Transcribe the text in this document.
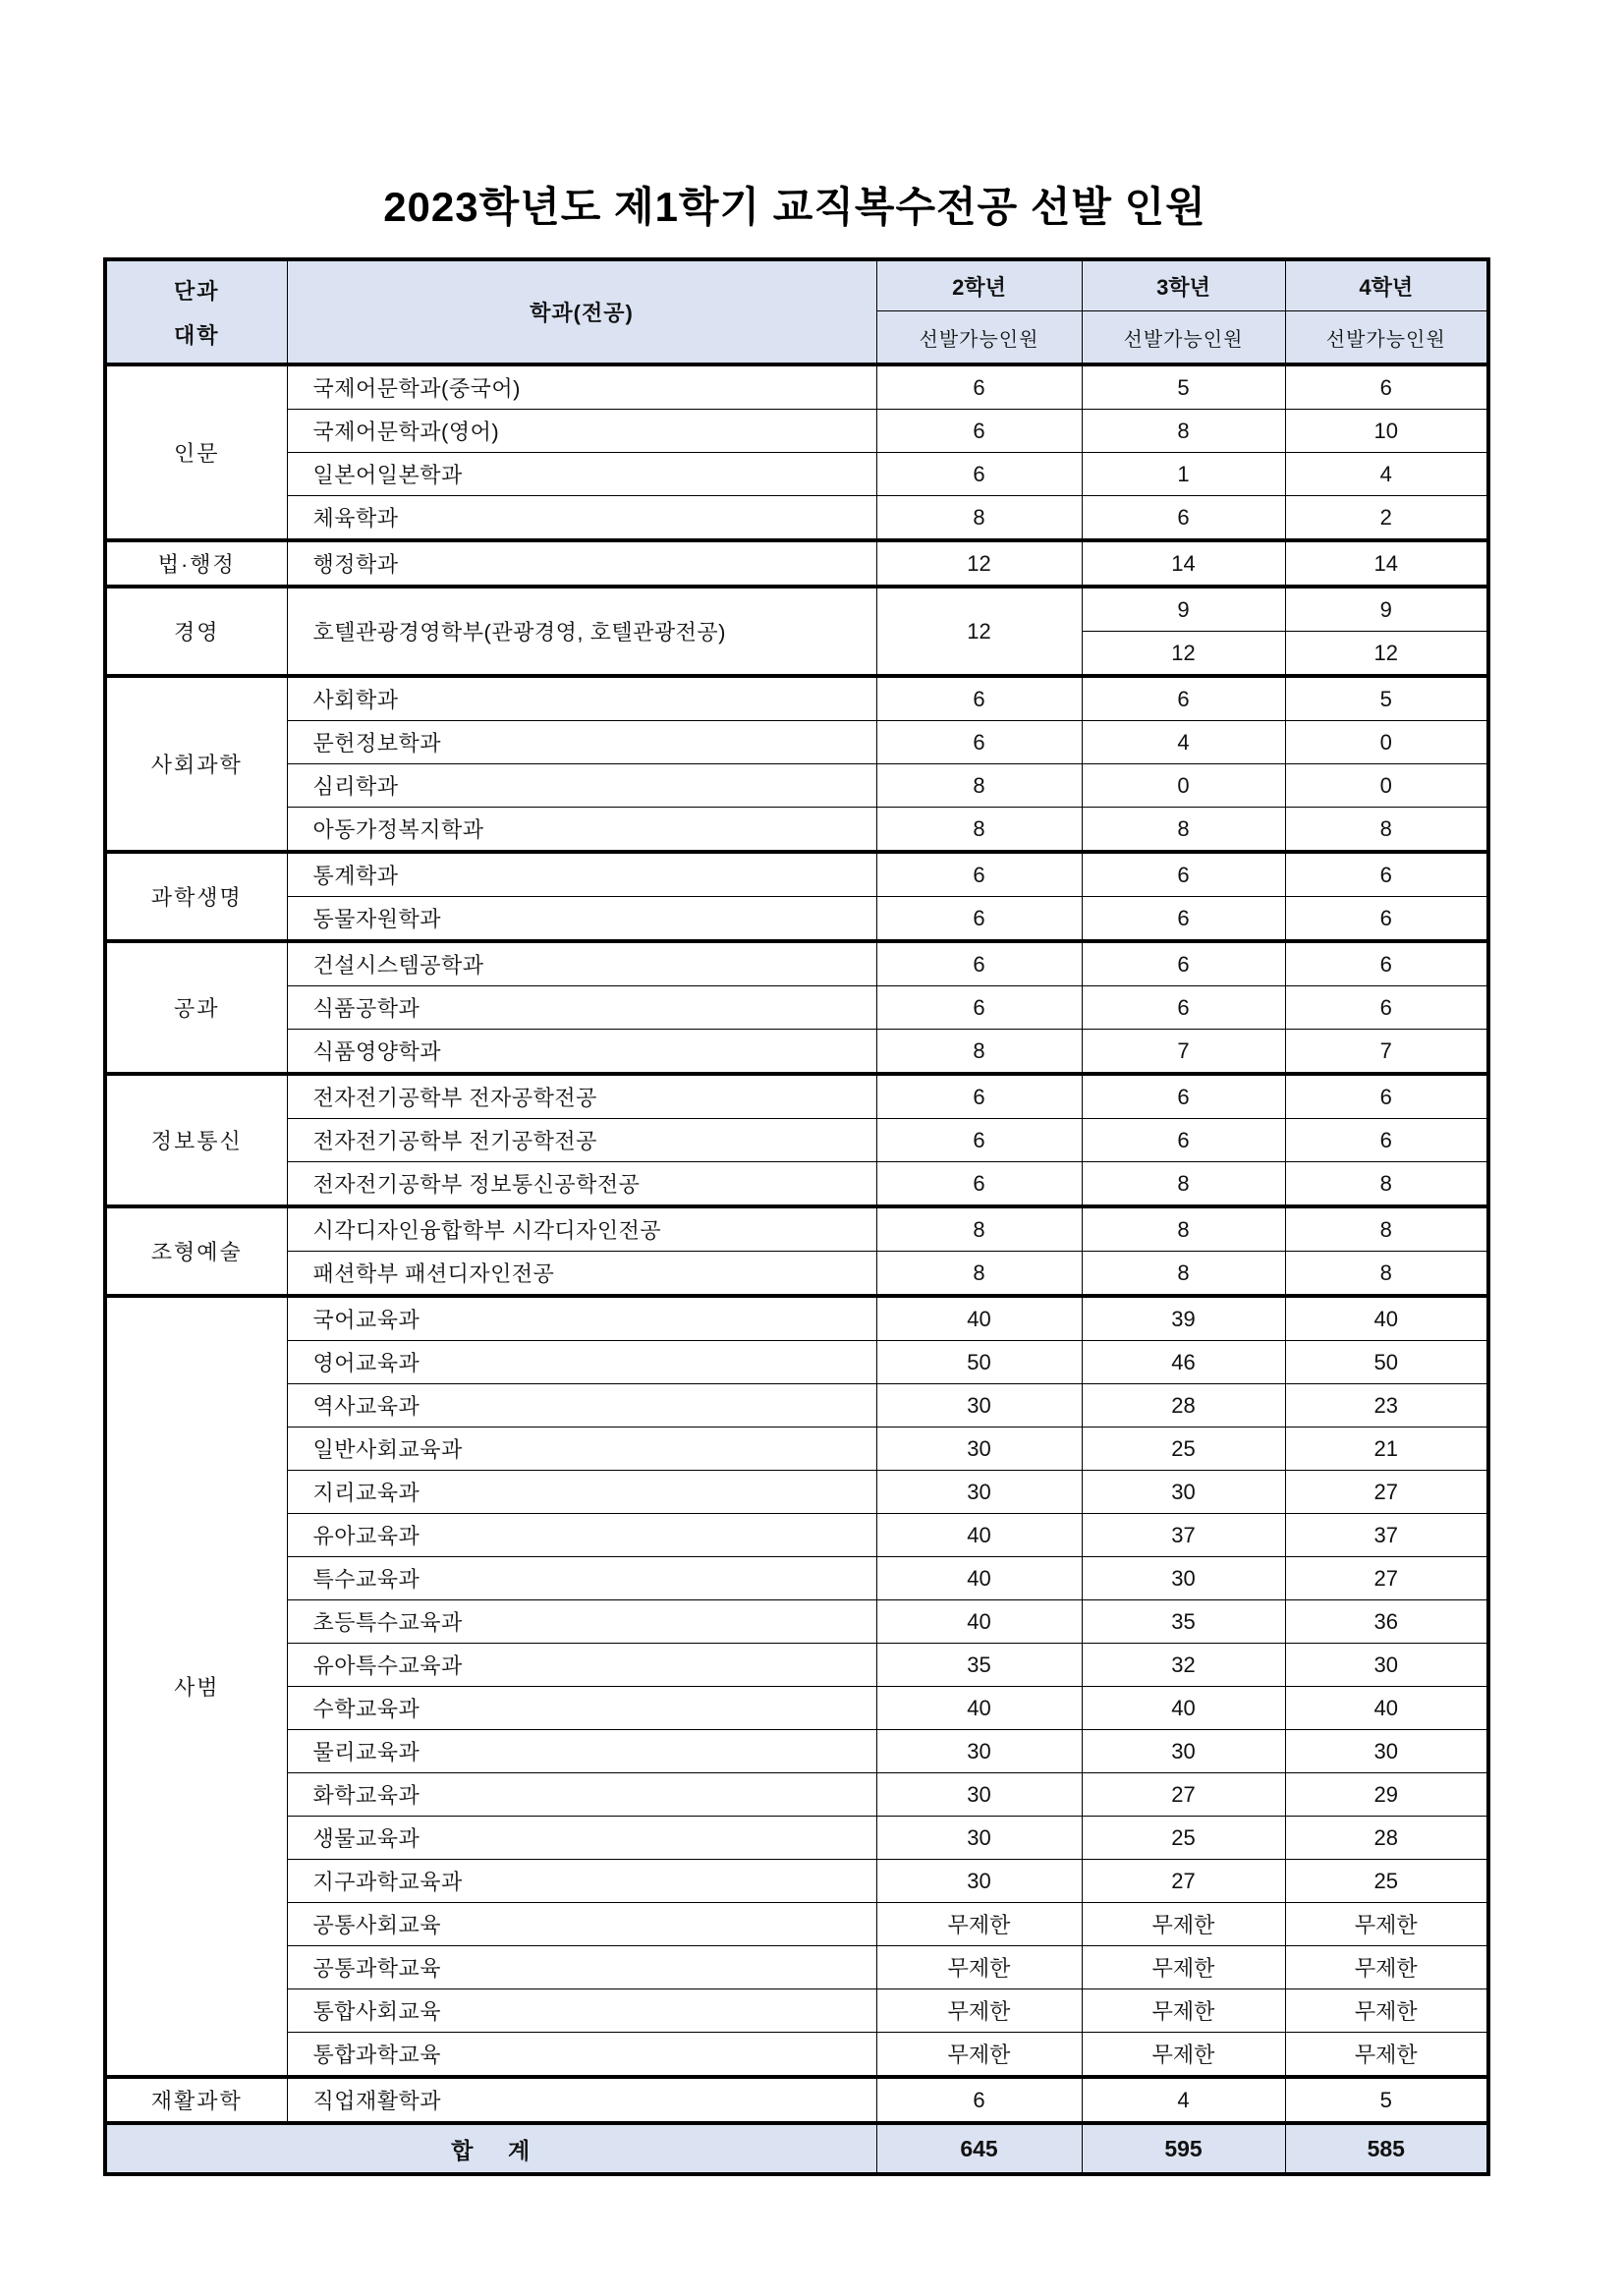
2023학년도 제1학기 교직복수전공 선발 인원
단과
대학	학과(전공)	2학년	3학년	4학년
		선발가능인원	선발가능인원	선발가능인원
인문	국제어문학과(중국어)	6	5	6
	국제어문학과(영어)	6	8	10
	일본어일본학과	6	1	4
	체육학과	8	6	2
법·행정	행정학과	12	14	14
경영	호텔관광경영학부(관광경영, 호텔관광전공)	12	9	9
			12	12
사회과학	사회학과	6	6	5
	문헌정보학과	6	4	0
	심리학과	8	0	0
	아동가정복지학과	8	8	8
과학생명	통계학과	6	6	6
	동물자원학과	6	6	6
공과	건설시스템공학과	6	6	6
	식품공학과	6	6	6
	식품영양학과	8	7	7
정보통신	전자전기공학부 전자공학전공	6	6	6
	전자전기공학부 전기공학전공	6	6	6
	전자전기공학부 정보통신공학전공	6	8	8
조형예술	시각디자인융합학부 시각디자인전공	8	8	8
	패션학부 패션디자인전공	8	8	8
사범	국어교육과	40	39	40
	영어교육과	50	46	50
	역사교육과	30	28	23
	일반사회교육과	30	25	21
	지리교육과	30	30	27
	유아교육과	40	37	37
	특수교육과	40	30	27
	초등특수교육과	40	35	36
	유아특수교육과	35	32	30
	수학교육과	40	40	40
	물리교육과	30	30	30
	화학교육과	30	27	29
	생물교육과	30	25	28
	지구과학교육과	30	27	25
	공통사회교육	무제한	무제한	무제한
	공통과학교육	무제한	무제한	무제한
	통합사회교육	무제한	무제한	무제한
	통합과학교육	무제한	무제한	무제한
재활과학	직업재활학과	6	4	5
합    계		645	595	585
